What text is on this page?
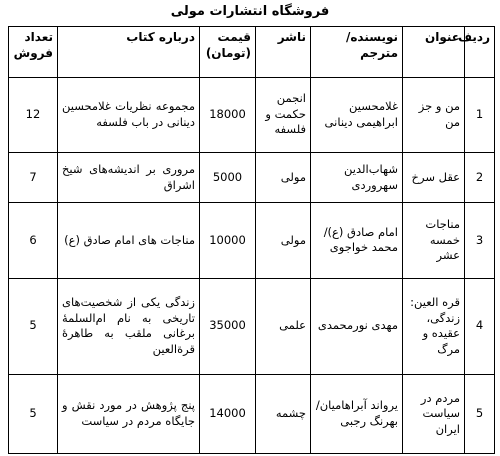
فروشگاه انتشارات مولی
ردیف	عنوان	نویسنده/ مترجم	ناشر	قیمت (تومان)	درباره کتاب	تعداد فروش
1	من و جز من	غلامحسین ابراهیمی دینانی	انجمن حکمت و فلسفه	18000	مجموعه نظریات غلامحسین دینانی در باب فلسفه	12
2	عقل سرخ	شهاب‌الدین سهروردی	مولی	5000	مروری بر اندیشه‌های شیخ اشراق	7
3	مناجات خمسه عشر	امام صادق (ع)/ محمد خواجوی	مولی	10000	مناجات های امام صادق (ع)	6
4	قره العین: زندگی، عقیده و مرگ	مهدی نورمحمدی	علمی	35000	زندگی یکی از شخصیت‌های تاریخی به نام ام‌السلمهٔ برغانی ملقب به طاهرهٔ قرة‌العین	5
5	مردم در سیاست ایران	یرواند آبراهامیان/بهرنگ رجبی	چشمه	14000	پنج پژوهش در مورد نقش و جایگاه مردم در سیاست	5
